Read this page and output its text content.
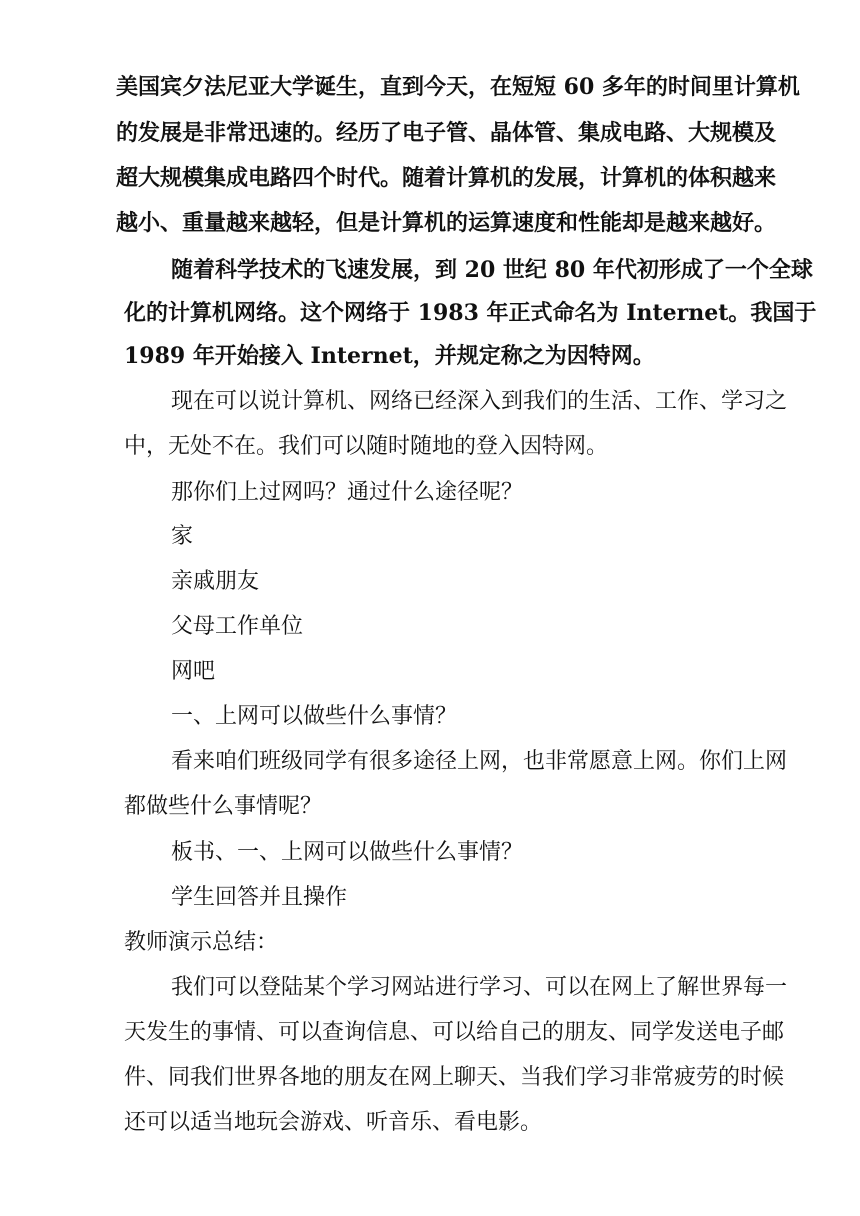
美国宾夕法尼亚大学诞生，直到今天，在短短 60 多年的时间里计算机
的发展是非常迅速的。经历了电子管、晶体管、集成电路、大规模及
超大规模集成电路四个时代。随着计算机的发展，计算机的体积越来
越小、重量越来越轻，但是计算机的运算速度和性能却是越来越好。
随着科学技术的飞速发展，到 20 世纪 80 年代初形成了一个全球
化的计算机网络。这个网络于 1983 年正式命名为 Internet。我国于
1989 年开始接入 Internet，并规定称之为因特网。
现在可以说计算机、网络已经深入到我们的生活、工作、学习之
中，无处不在。我们可以随时随地的登入因特网。
那你们上过网吗？通过什么途径呢？
家
亲戚朋友
父母工作单位
网吧
一、上网可以做些什么事情？
看来咱们班级同学有很多途径上网，也非常愿意上网。你们上网
都做些什么事情呢？
板书、一、上网可以做些什么事情？
学生回答并且操作
教师演示总结：
我们可以登陆某个学习网站进行学习、可以在网上了解世界每一
天发生的事情、可以查询信息、可以给自己的朋友、同学发送电子邮
件、同我们世界各地的朋友在网上聊天、当我们学习非常疲劳的时候
还可以适当地玩会游戏、听音乐、看电影。
